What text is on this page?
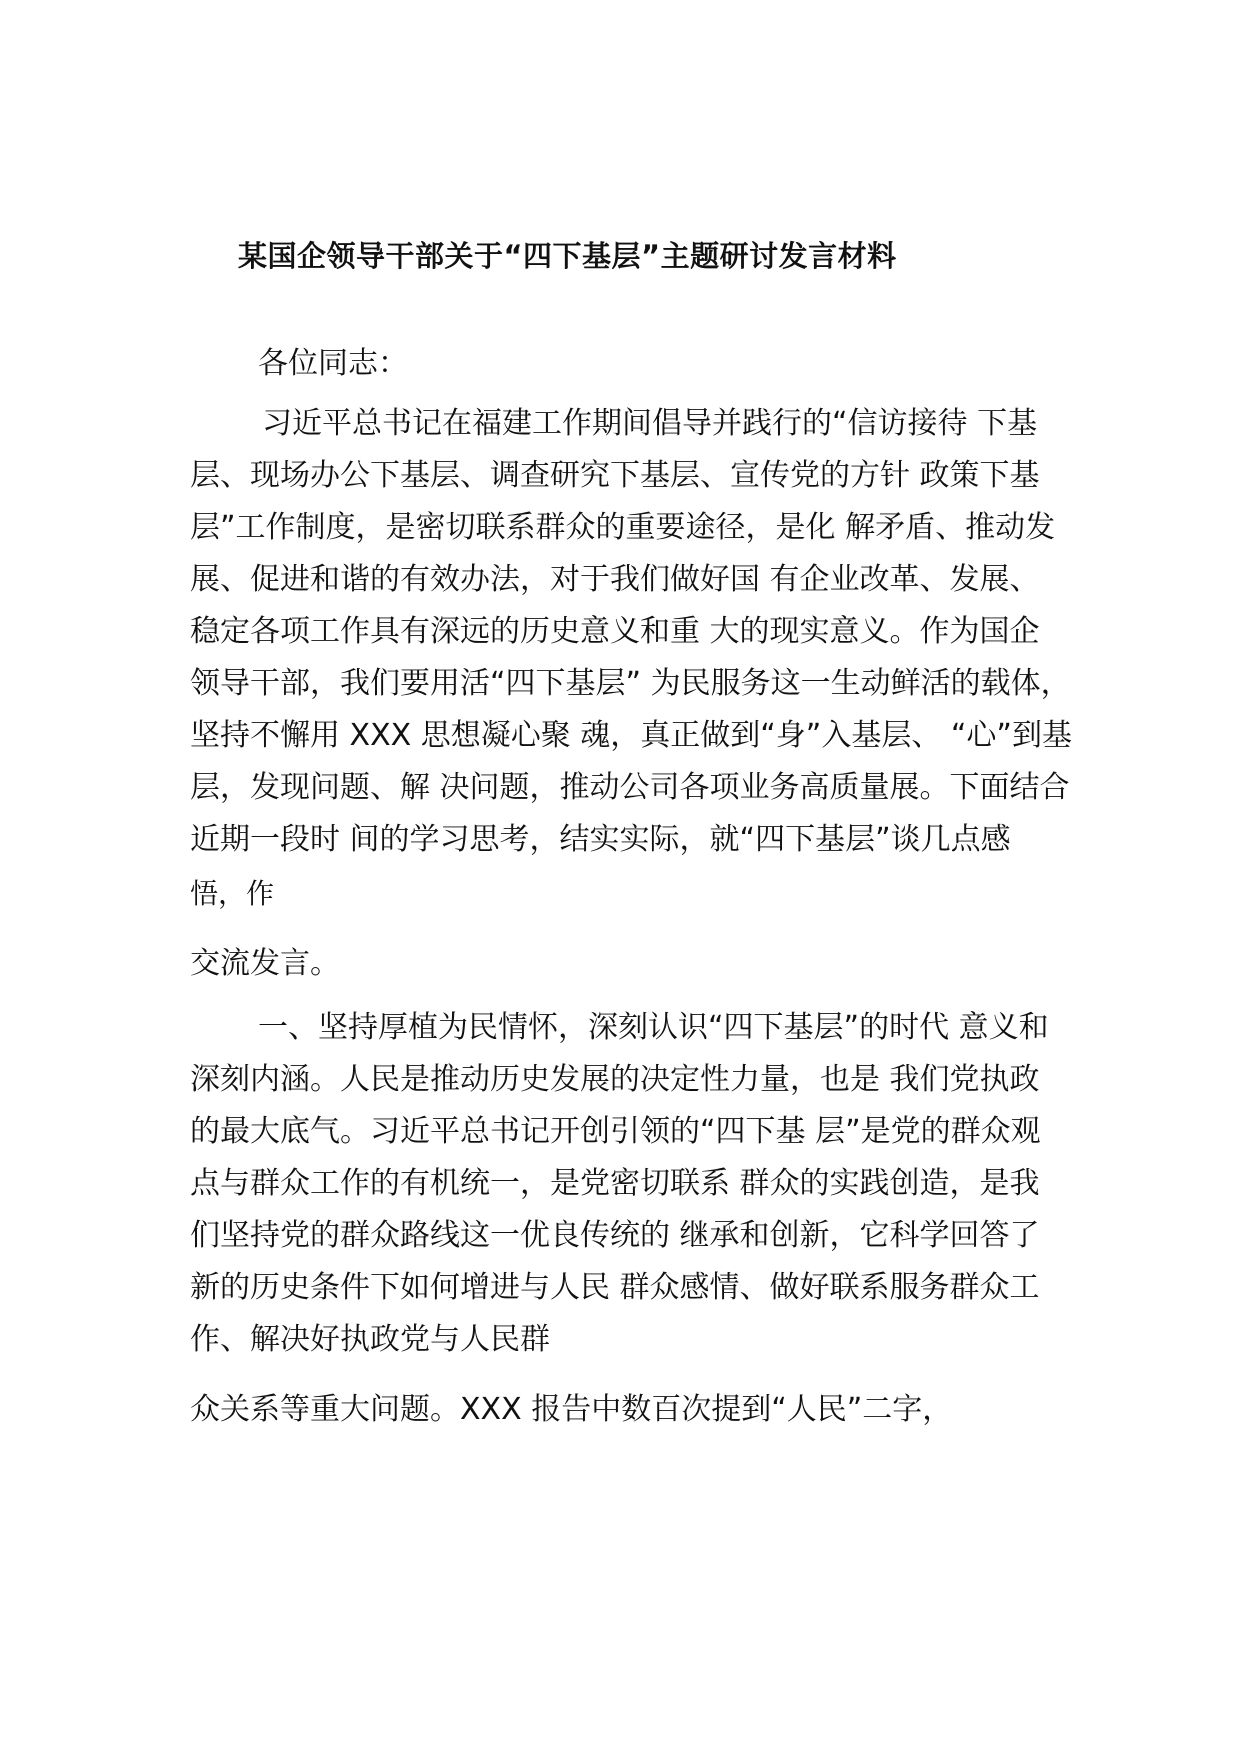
某国企领导干部关于“四下基层”主题研讨发言材料
各位同志：
习近平总书记在福建工作期间倡导并践行的“信访接待 下基
层、现场办公下基层、调查研究下基层、宣传党的方针 政策下基
层”工作制度，是密切联系群众的重要途径，是化 解矛盾、推动发
展、促进和谐的有效办法，对于我们做好国 有企业改革、发展、
稳定各项工作具有深远的历史意义和重 大的现实意义。作为国企
领导干部，我们要用活“四下基层” 为民服务这一生动鲜活的载体，
坚持不懈用 XXX 思想凝心聚 魂，真正做到“身”入基层、 “心”到基
层，发现问题、解 决问题，推动公司各项业务高质量展。下面结合
近期一段时 间的学习思考，结实实际，就“四下基层”谈几点感
悟，作
交流发言。
一、坚持厚植为民情怀，深刻认识“四下基层”的时代 意义和
深刻内涵。人民是推动历史发展的决定性力量，也是 我们党执政
的最大底气。习近平总书记开创引领的“四下基 层”是党的群众观
点与群众工作的有机统一，是党密切联系 群众的实践创造，是我
们坚持党的群众路线这一优良传统的 继承和创新，它科学回答了
新的历史条件下如何增进与人民 群众感情、做好联系服务群众工
作、解决好执政党与人民群
众关系等重大问题。XXX 报告中数百次提到“人民”二字，
